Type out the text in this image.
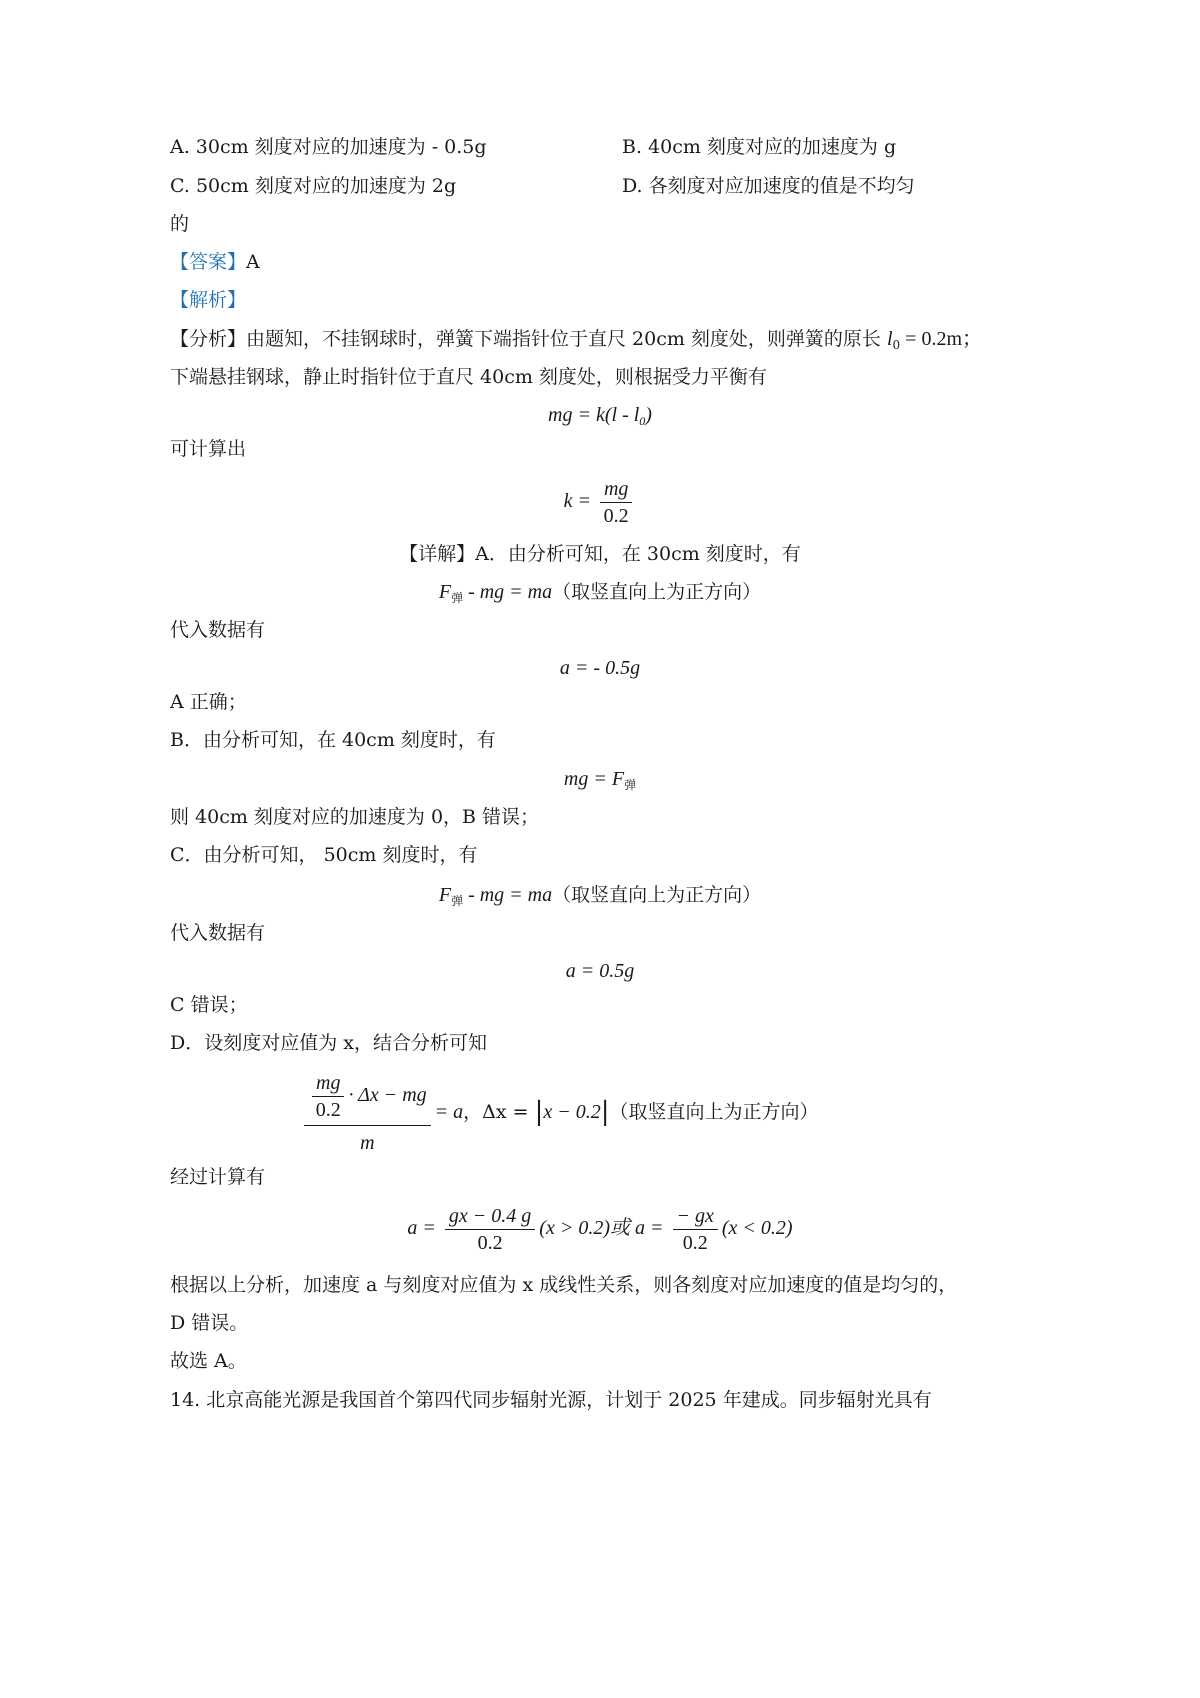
A. 30cm 刻度对应的加速度为 - 0.5g	B. 40cm 刻度对应的加速度为 g
C. 50cm 刻度对应的加速度为 2g	D. 各刻度对应加速度的值是不均匀
的
【答案】A
【解析】
【分析】由题知，不挂钢球时，弹簧下端指针位于直尺 20cm 刻度处，则弹簧的原长 $l_0 = 0.2m$；
下端悬挂钢球，静止时指针位于直尺 40cm 刻度处，则根据受力平衡有
mg = $k(l - l_0)$
可计算出
$k = \frac{mg}{0.2}$
【详解】A．由分析可知，在 30cm 刻度时，有
$F_弹$ - mg = ma（取竖直向上为正方向）
代入数据有
a = - 0.5g
A 正确；
B．由分析可知，在 40cm 刻度时，有
mg = $F_弹$
则 40cm 刻度对应的加速度为 0，B 错误；
C．由分析可知， 50cm 刻度时，有
$F_弹$ - mg = ma（取竖直向上为正方向）
代入数据有
a = 0.5g
C 错误；
D．设刻度对应值为 x，结合分析可知
$\frac{\frac{mg}{0.2} \cdot \Delta x - mg}{m} = a$，Δx = |x − 0.2|（取竖直向上为正方向）
经过计算有
$a = \frac{gx - 0.4 g}{0.2} (x > 0.2)$或 $a = \frac{- gx}{0.2} (x < 0.2)$
根据以上分析，加速度 a 与刻度对应值为 x 成线性关系，则各刻度对应加速度的值是均匀的，
D 错误。
故选 A。
14. 北京高能光源是我国首个第四代同步辐射光源，计划于 2025 年建成。同步辐射光具有
